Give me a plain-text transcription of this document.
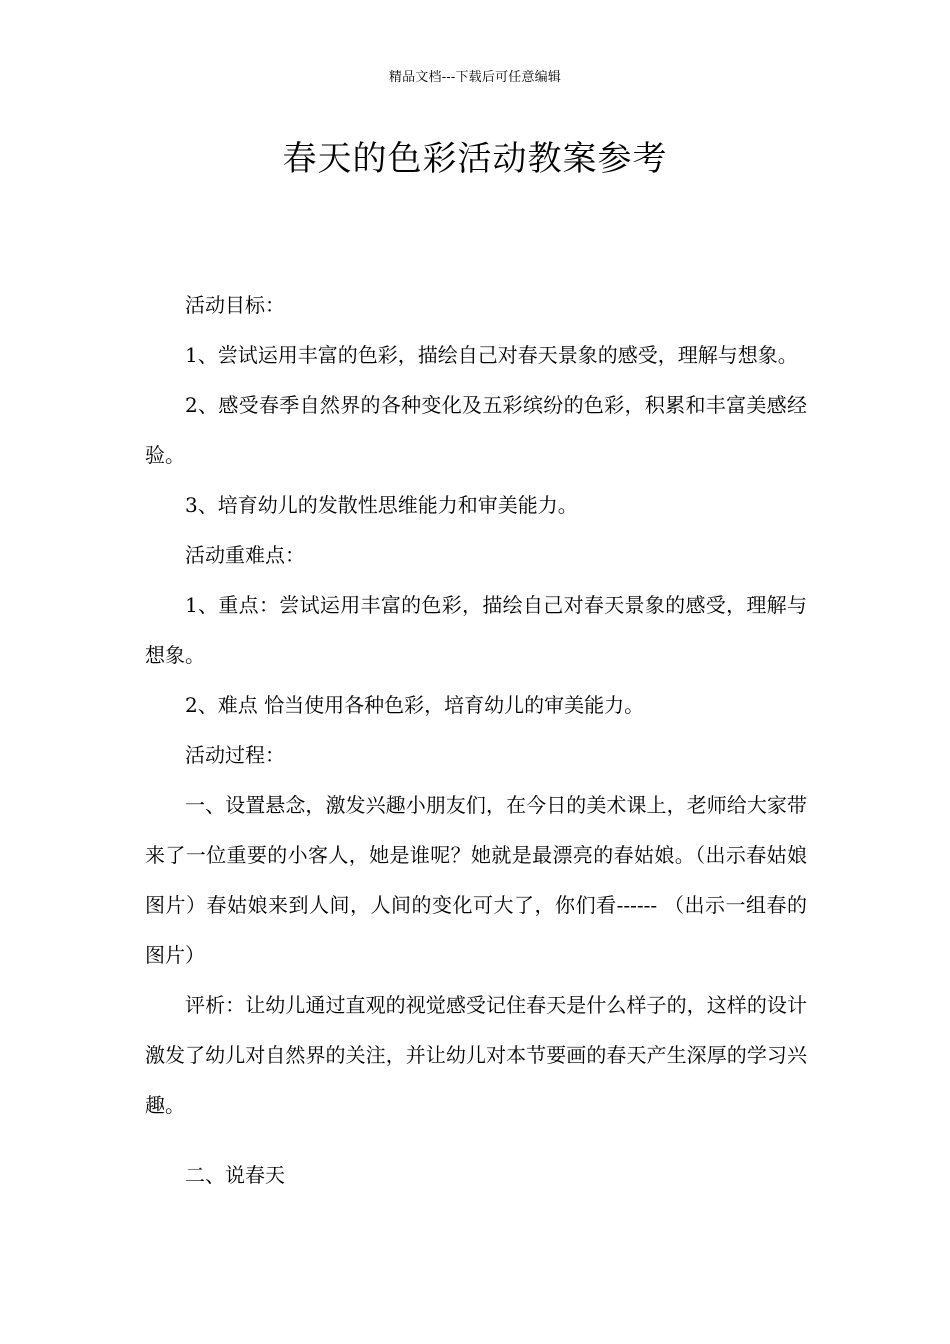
精品文档---下载后可任意编辑
春天的色彩活动教案参考

活动目标：

1、尝试运用丰富的色彩，描绘自己对春天景象的感受，理解与想象。

2、感受春季自然界的各种变化及五彩缤纷的色彩，积累和丰富美感经验。

3、培育幼儿的发散性思维能力和审美能力。

活动重难点：

1、重点：尝试运用丰富的色彩，描绘自己对春天景象的感受，理解与想象。

2、难点 恰当使用各种色彩，培育幼儿的审美能力。

活动过程：

一、设置悬念，激发兴趣小朋友们，在今日的美术课上，老师给大家带来了一位重要的小客人，她是谁呢？她就是最漂亮的春姑娘。（出示春姑娘图片）春姑娘来到人间，人间的变化可大了，你们看------ （出示一组春的图片）

评析：让幼儿通过直观的视觉感受记住春天是什么样子的，这样的设计激发了幼儿对自然界的关注，并让幼儿对本节要画的春天产生深厚的学习兴趣。

二、说春天
